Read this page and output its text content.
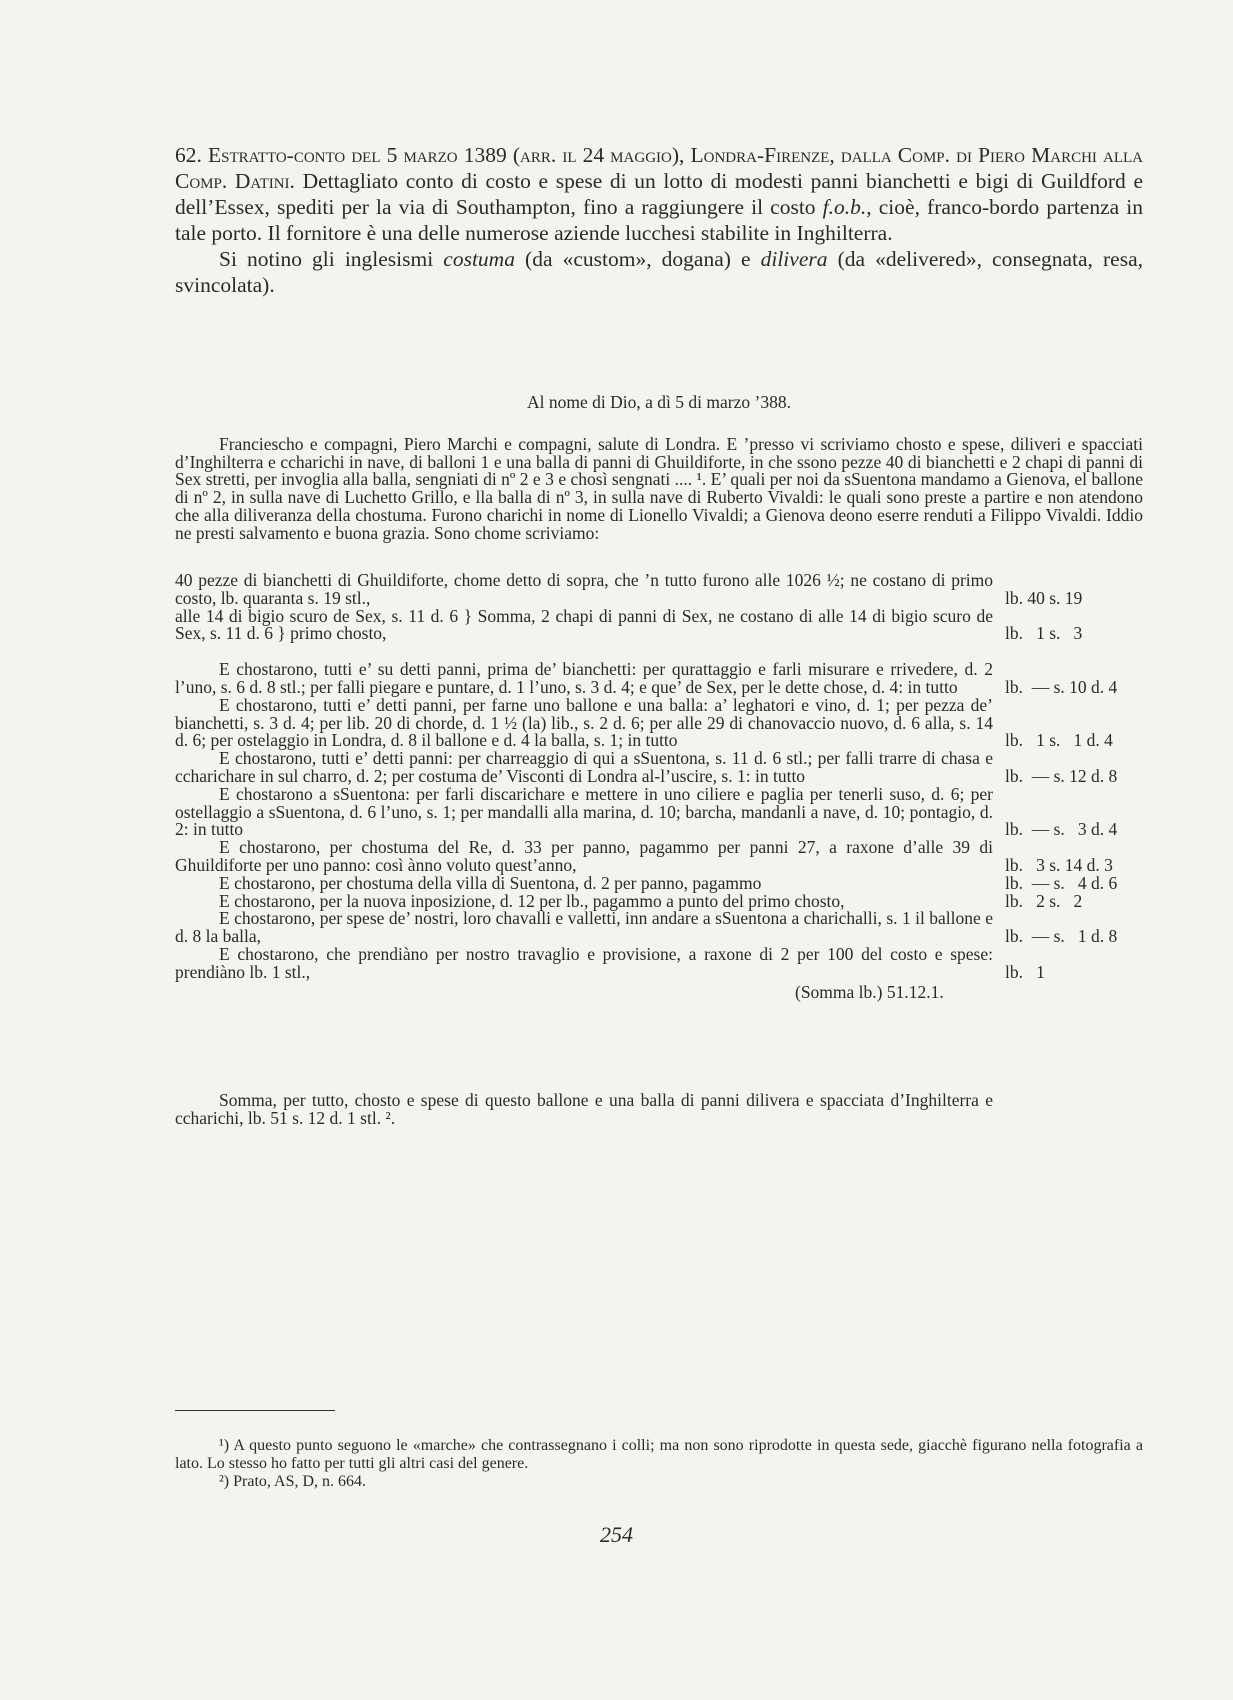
62. Estratto-conto del 5 marzo 1389 (arr. il 24 maggio), Londra-Firenze, dalla Comp. di Piero Marchi alla Comp. Datini. Dettagliato conto di costo e spese di un lotto di modesti panni bianchetti e bigi di Guildford e dell’Essex, spediti per la via di Southampton, fino a raggiungere il costo f.o.b., cioè, franco-bordo partenza in tale porto. Il fornitore è una delle numerose aziende lucchesi stabilite in Inghilterra.

Si notino gli inglesismi costuma (da «custom», dogana) e dilivera (da «delivered», consegnata, resa, svincolata).

Al nome di Dio, a dì 5 di marzo ’388.

Franciescho e compagni, Piero Marchi e compagni, salute di Londra. E ’presso vi scriviamo chosto e spese, diliveri e spacciati d’Inghilterra e ccharichi in nave, di balloni 1 e una balla di panni di Ghuildiforte, in che ssono pezze 40 di bianchetti e 2 chapi di panni di Sex stretti, per invoglia alla balla, sengniati di nº 2 e 3 e chosì sengnati .... ¹. E’ quali per noi da sSuentona mandamo a Gienova, el ballone di nº 2, in sulla nave di Luchetto Grillo, e lla balla di nº 3, in sulla nave di Ruberto Vivaldi: le quali sono preste a partire e non atendono che alla diliveranza della chostuma. Furono charichi in nome di Lionello Vivaldi; a Gienova deono eserre renduti a Filippo Vivaldi. Iddio ne presti salvamento e buona grazia. Sono chome scriviamo:

40 pezze di bianchetti di Ghuildiforte, chome detto di sopra, che ’n tutto furono alle 1026 ½; ne costano di primo costo, lb. quaranta s. 19 stl.,	lb. 40 s. 19
alle 14 di bigio scuro de Sex, s. 11 d. 6 } Somma, 2 chapi di panni di Sex, ne costano di alle 14 di bigio scuro de Sex, s. 11 d. 6 } primo chosto,	lb.   1 s.   3
E chostarono, tutti e’ su detti panni, prima de’ bianchetti: per qurattaggio e farli misurare e rrivedere, d. 2 l’uno, s. 6 d. 8 stl.; per falli piegare e puntare, d. 1 l’uno, s. 3 d. 4; e que’ de Sex, per le dette chose, d. 4: in tutto	lb.  — s. 10 d. 4
E chostarono, tutti e’ detti panni, per farne uno ballone e una balla: a’ leghatori e vino, d. 1; per pezza de’ bianchetti, s. 3 d. 4; per lib. 20 di chorde, d. 1 ½ (la) lib., s. 2 d. 6; per alle 29 di chanovaccio nuovo, d. 6 alla, s. 14 d. 6; per ostelaggio in Londra, d. 8 il ballone e d. 4 la balla, s. 1; in tutto	lb.   1 s.   1 d. 4
E chostarono, tutti e’ detti panni: per charreaggio di qui a sSuentona, s. 11 d. 6 stl.; per falli trarre di chasa e ccharichare in sul charro, d. 2; per costuma de’ Visconti di Londra al-l’uscire, s. 1: in tutto	lb.  — s. 12 d. 8
E chostarono a sSuentona: per farli discarichare e mettere in uno ciliere e paglia per tenerli suso, d. 6; per ostellaggio a sSuentona, d. 6 l’uno, s. 1; per mandalli alla marina, d. 10; barcha, mandanli a nave, d. 10; pontagio, d. 2: in tutto	lb.  — s.   3 d. 4
E chostarono, per chostuma del Re, d. 33 per panno, pagammo per panni 27, a raxone d’alle 39 di Ghuildiforte per uno panno: così ànno voluto quest’anno,	lb.   3 s. 14 d. 3
E chostarono, per chostuma della villa di Suentona, d. 2 per panno, pagammo	lb.  — s.   4 d. 6
E chostarono, per la nuova inposizione, d. 12 per lb., pagammo a punto del primo chosto,	lb.   2 s.   2
E chostarono, per spese de’ nostri, loro chavalli e valletti, inn andare a sSuentona a charichalli, s. 1 il ballone e d. 8 la balla,	lb.  — s.   1 d. 8
E chostarono, che prendiàno per nostro travaglio e provisione, a raxone di 2 per 100 del costo e spese: prendiàno lb. 1 stl.,	lb.   1
(Somma lb.) 51.12.1.

Somma, per tutto, chosto e spese di questo ballone e una balla di panni dilivera e spacciata d’Inghilterra e ccharichi, lb. 51 s. 12 d. 1 stl. ².

¹) A questo punto seguono le «marche» che contrassegnano i colli; ma non sono riprodotte in questa sede, giacchè figurano nella fotografia a lato. Lo stesso ho fatto per tutti gli altri casi del genere.

²) Prato, AS, D, n. 664.

254
